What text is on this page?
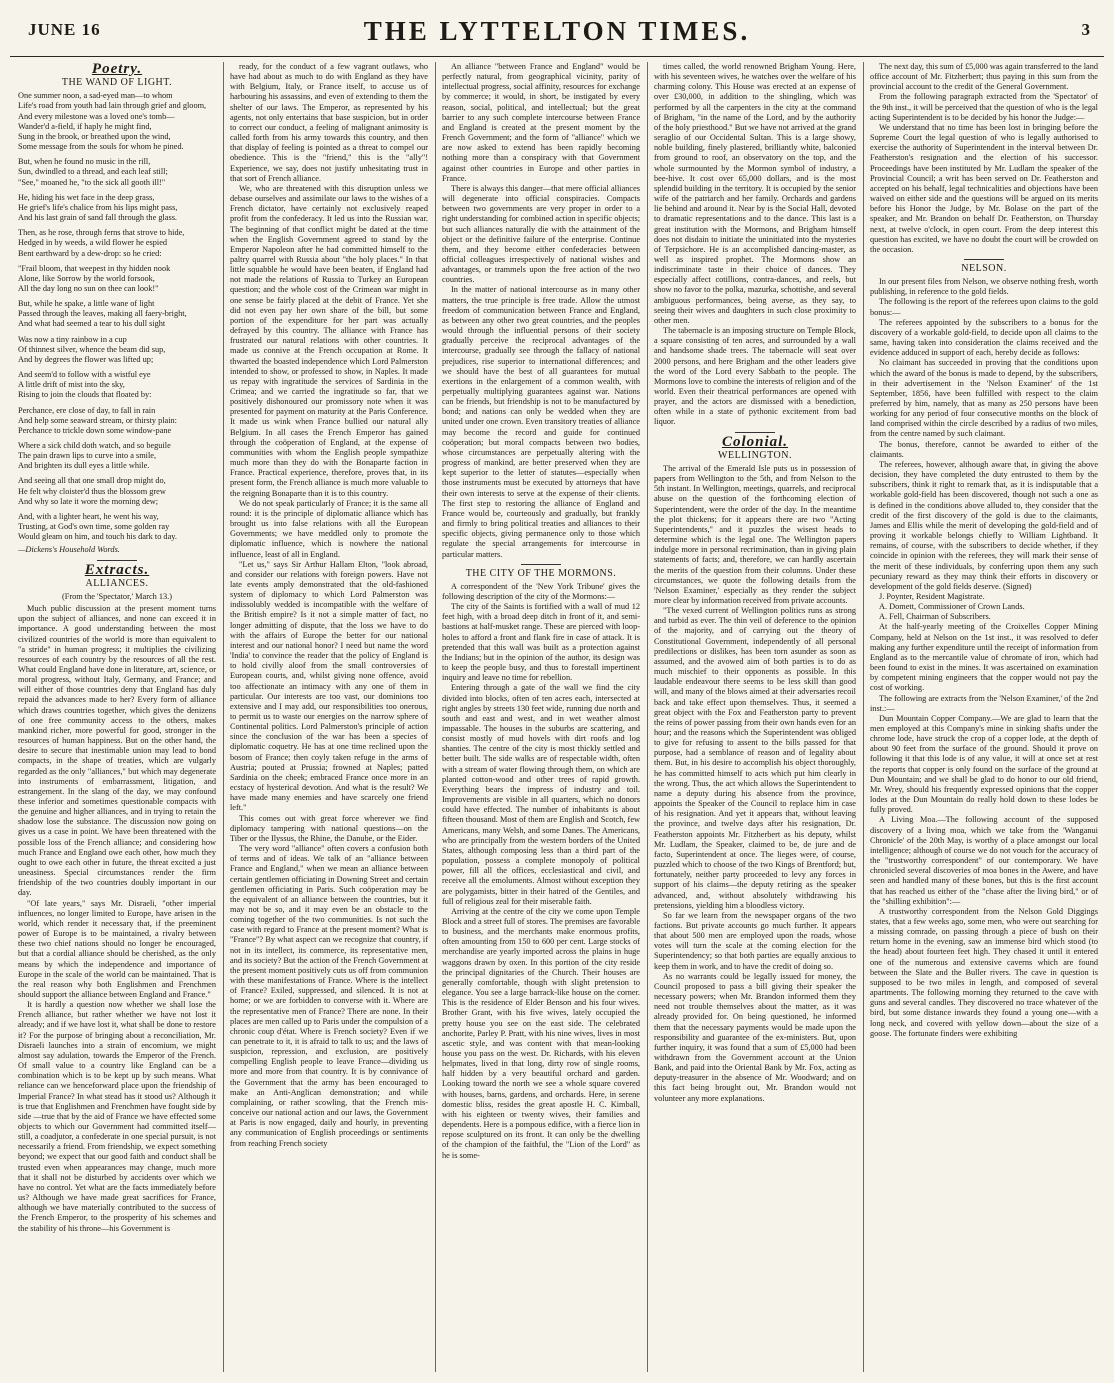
JUNE 16	THE LYTTELTON TIMES.	3
Poetry.
THE WAND OF LIGHT.

One summer noon, a sad-eyed man—to whom

Life's road from youth had lain through grief and gloom,

And every milestone was a loved one's tomb—

Wander'd a-field, if haply he might find,

Sung in the brook, or breathed upon the wind,

Some message from the souls for whom he pined.

But, when he found no music in the rill,

Sun, dwindled to a thread, and each leaf still;

"See," moaned he, "to the sick all gooth ill!"

He, hiding his wet face in the deep grass,

He grief's life's chalice from his lips might pass,

And his last grain of sand fall through the glass.

Then, as he rose, through ferns that strove to hide,

Hedged in by weeds, a wild flower he espied

Bent earthward by a dew-drop: so he cried:

"Frail bloom, that weepest in thy hidden nook

Alone, like Sorrow by the world forsook,

All the day long no sun on thee can look!"

But, while he spake, a little wane of light

Passed through the leaves, making all faery-bright,

And what had seemed a tear to his dull sight

Was now a tiny rainbow in a cup

Of thinnest silver, whence the beam did sup,

And by degrees the flower was lifted up;

And seem'd to follow with a wistful eye

A little drift of mist into the sky,

Rising to join the clouds that floated by:

Perchance, ere close of day, to fall in rain

And help some seaward stream, or thirsty plain:

Perchance to trickle down some window-pane

Where a sick child doth watch, and so beguile

The pain drawn lips to curve into a smile,

And brighten its dull eyes a little while.

And seeing all that one small drop might do,

He felt why cloister'd thus the blossom grew

And why so late it wore the morning dew;

And, with a lighter heart, he went his way,

Trusting, at God's own time, some golden ray

Would gleam on him, and touch his dark to day.

—Dickens's Household Words.

Extracts.
ALLIANCES.
(From the 'Spectator,' March 13.)

Much public discussion at the present moment turns upon the subject of alliances, and none can exceed it in importance. A good understanding between the most civilized countries of the world is more than equivalent to "a stride" in human progress; it multiplies the civilizing resources of each country by the resources of all the rest. What could England have done in literature, art, science, or moral progress, without Italy, Germany, and France; and will either of those countries deny that England has duly repaid the advances made to her? Every form of alliance which draws countries together, which gives the denizens of one free community access to the others, makes mankind richer, more powerful for good, stronger in the resources of human happiness. But on the other hand, the desire to secure that inestimable union may lead to bond compacts, in the shape of treaties, which are vulgarly regarded as the only "alliances," but which may degenerate into instruments of embarrassment, litigation, and estrangement. In the slang of the day, we may confound these inferior and sometimes questionable compacts with the genuine and higher alliances, and in trying to retain the shadow lose the substance. The discussion now going on gives us a case in point. We have been threatened with the possible loss of the French alliance; and considering how much France and England owe each other, how much they ought to owe each other in future, the threat excited a just uneasiness. Special circumstances render the firm friendship of the two countries doubly important in our day.

"Of late years," says Mr. Disraeli, "other imperial influences, no longer limited to Europe, have arisen in the world, which render it necessary that, if the preeminent power of Europe is to be maintained, a rivalry between these two chief nations should no longer be encouraged, but that a cordial alliance should be cherished, as the only means by which the independence and importance of Europe in the scale of the world can be maintained. That is the real reason why both Englishmen and Frenchmen should support the alliance between England and France."

It is hardly a question now whether we shall lose the French alliance, but rather whether we have not lost it already; and if we have lost it, what shall be done to restore it? For the purpose of bringing about a reconciliation, Mr. Disraeli launches into a strain of encomium, we might almost say adulation, towards the Emperor of the French. Of small value to a country like England can be a combination which is to be kept up by such means. What reliance can we henceforward place upon the friendship of Imperial France? In what stead has it stood us? Although it is true that Englishmen and Frenchmen have fought side by side —true that by the aid of France we have effected some objects to which our Government had committed itself—still, a coadjutor, a confederate in one special pursuit, is not necessarily a friend. From friendship, we expect something beyond; we expect that our good faith and conduct shall be trusted even when appearances may change, much more that it shall not be disturbed by accidents over which we have no control. Yet what are the facts immediately before us? Although we have made great sacrifices for France, although we have materially contributed to the success of the French Emperor, to the prosperity of his schemes and the stability of his throne—his Government is

ready, for the conduct of a few vagrant outlaws, who have had about as much to do with England as they have with Belgium, Italy, or France itself, to accuse us of harbouring his assassins, and even of extending to them the shelter of our laws. The Emperor, as represented by his agents, not only entertains that base suspicion, but in order to correct our conduct, a feeling of malignant animosity is called forth from his army towards this country, and then that display of feeling is pointed as a threat to compel our obedience. This is the "friend," this is the "ally"! Experience, we say, does not justify unhesitating trust in that sort of French alliance.

We, who are threatened with this disruption unless we debase ourselves and assimilate our laws to the wishes of a French dictator, have certainly not exclusively reaped profit from the confederacy. It led us into the Russian war. The beginning of that conflict might be dated at the time when the English Government agreed to stand by the Emperor Napoleon after he had committed himself to the paltry quarrel with Russia about "the holy places." In that little squabble he would have been beaten, if England had not made the relations of Russia to Turkey an European question; and the whole cost of the Crimean war might in one sense be fairly placed at the debit of France. Yet she did not even pay her own share of the bill, but some portion of the expenditure for her part was actually defrayed by this country. The alliance with France has frustrated our natural relations with other countries. It made us connive at the French occupation at Rome. It thwarted the boasted independence which Lord Palmerston intended to show, or professed to show, in Naples. It made us repay with ingratitude the services of Sardinia in the Crimea; and we carried the ingratitude so far, that we positively dishonoured our promissory note when it was presented for payment on maturity at the Paris Conference. It made us wink when France bullied our natural ally Belgium. In all cases the French Emperor has gained through the coöperation of England, at the expense of communities with whom the English people sympathize much more than they do with the Bonaparte faction in France. Practical experience, therefore, proves that, in its present form, the French alliance is much more valuable to the reigning Bonaparte than it is to this country.

We do not speak particularly of France; it is the same all round: it is the principle of diplomatic alliance which has brought us into false relations with all the European Governments; we have meddled only to promote the diplomatic influence, which is nowhere the national influence, least of all in England.

"Let us," says Sir Arthur Hallam Elton, "look abroad, and consider our relations with foreign powers. Have not late events amply demonstrated that the old-fashioned system of diplomacy to which Lord Palmerston was indissolubly wedded is incompatible with the welfare of the British empire? Is it not a simple matter of fact, no longer admitting of dispute, that the loss we have to do with the affairs of Europe the better for our national interest and our national honor? I need but name the word 'India' to convince the reader that the policy of England is to hold civilly aloof from the small controversies of European courts, and, whilst giving none offence, avoid too affectionate an intimacy with any one of them in particular. Our interests are too vast, our dominions too extensive and I may add, our responsibilities too onerous, to permit us to waste our energies on the narrow sphere of Continental politics. Lord Palmerston's principle of action since the conclusion of the war has been a species of diplomatic coquetry. He has at one time reclined upon the bosom of France; then coyly taken refuge in the arms of Austria; pouted at Prussia; frowned at Naples; patted Sardinia on the cheek; embraced France once more in an ecstacy of hysterical devotion. And what is the result? We have made many enemies and have scarcely one friend left."

This comes out with great force wherever we find diplomacy tampering with national questions—on the Tiber or the Ilyssus, the Rhine, the Danube, or the Eider.

The very word "alliance" often covers a confusion both of terms and of ideas. We talk of an "alliance between France and England," when we mean an alliance between certain gentlemen officiating in Downing Street and certain gentlemen officiating in Paris. Such coöperation may be the equivalent of an alliance between the countries, but it may not be so, and it may even be an obstacle to the coming together of the two communities. Is not such the case with regard to France at the present moment? What is "France"? By what aspect can we recognize that country, if not in its intellect, its commerce, its representative men, and its society? But the action of the French Government at the present moment positively cuts us off from communion with these manifestations of France. Where is the intellect of France? Exiled, suppressed, and silenced. It is not at home; or we are forbidden to converse with it. Where are the representative men of France? There are none. In their places are men called up to Paris under the compulsion of a chronic coup d'état. Where is French society? Even if we can penetrate to it, it is afraid to talk to us; and the laws of suspicion, repression, and exclusion, are positively compelling English people to leave France—dividing us more and more from that country. It is by connivance of the Government that the army has been encouraged to make an Anti-Anglican demonstration; and while complaining, or rather scowling, that the French mis-conceive our national action and our laws, the Government at Paris is now engaged, daily and hourly, in preventing any communication of English proceedings or sentiments from reaching French society

An alliance "between France and England" would be perfectly natural, from geographical vicinity, parity of intellectual progress, social affinity, resources for exchange by commerce; it would, in short, be instigated by every reason, social, political, and intellectual; but the great barrier to any such complete intercourse between France and England is created at the present moment by the French Government; and the form of "alliance" which we are now asked to extend has been rapidly becoming nothing more than a conspiracy with that Government against other countries in Europe and other parties in France.

There is always this danger—that mere official alliances will degenerate into official conspiracies. Compacts between two governments are very proper in order to a right understanding for combined action in specific objects; but such alliances naturally die with the attainment of the object or the definitive failure of the enterprise. Continue them, and they become either confederacies between official colleagues irrespectively of national wishes and advantages, or trammels upon the free action of the two countries.

In the matter of national intercourse as in many other matters, the true principle is free trade. Allow the utmost freedom of communication between France and England, as between any other two great countries, and the peoples would through the influential persons of their society gradually perceive the reciprocal advantages of the intercourse, gradually see through the fallacy of national prejudices, rise superior to international differences; and we should have the best of all guarantees for mutual exertions in the enlargement of a common wealth, with perpetually multiplying guarantees against war. Nations can be friends, but friendship is not to be manufactured by bond; and nations can only be wedded when they are united under one crown. Even transitory treaties of alliance may become the record and guide for continued coöperation; but moral compacts between two bodies, whose circumstances are perpetually altering with the progress of mankind, are better preserved when they are kept superior to the letter of statutes—especially when those instruments must be executed by attorneys that have their own interests to serve at the expense of their clients. The first step to restoring the alliance of England and France would be, courteously and gradually, but frankly and firmly to bring political treaties and alliances to their specific objects, giving permanence only to those which regulate the special arrangements for intercourse in particular matters.

THE CITY OF THE MORMONS.

A correspondent of the 'New York Tribune' gives the following description of the city of the Mormons:—

The city of the Saints is fortified with a wall of mud 12 feet high, with a broad deep ditch in front of it, and semi-bastions at half-musket range. These are pierced with loop-holes to afford a front and flank fire in case of attack. It is pretended that this wall was built as a protection against the Indians; but in the opinion of the author, its design was to keep the people busy, and thus to forestall impertinent inquiry and leave no time for rebellion.

Entering through a gate of the wall we find the city divided into blocks, often of ten acres each, intersected at right angles by streets 130 feet wide, running due north and south and east and west, and in wet weather almost impassable. The houses in the suburbs are scattering, and consist mostly of mud hovels with dirt roofs and log shanties. The centre of the city is most thickly settled and better built. The side walks are of respectable width, often with a stream of water flowing through them, on which are planted cotton-wood and other trees of rapid growth. Everything bears the impress of industry and toil. Improvements are visible in all quarters, which no donors could have effected. The number of inhabitants is about fifteen thousand. Most of them are English and Scotch, few Americans, many Welsh, and some Danes. The Americans, who are principally from the western borders of the United States, although composing less than a third part of the population, possess a complete monopoly of political power, fill all the offices, ecclesiastical and civil, and receive all the emoluments. Almost without exception they are polygamists, bitter in their hatred of the Gentiles, and full of religious zeal for their miserable faith.

Arriving at the centre of the city we come upon Temple Block and a street full of stores. The premises are favorable to business, and the merchants make enormous profits, often amounting from 150 to 600 per cent. Large stocks of merchandise are yearly imported across the plains in huge waggons drawn by oxen. In this portion of the city reside the principal dignitaries of the Church. Their houses are generally comfortable, though with slight pretension to elegance. You see a large barrack-like house on the corner. This is the residence of Elder Benson and his four wives. Brother Grant, with his five wives, lately occupied the pretty house you see on the east side. The celebrated anchorite, Parley P. Pratt, with his nine wives, lives in most ascetic style, and was content with that mean-looking house you pass on the west. Dr. Richards, with his eleven helpmates, lived in that long, dirty row of single rooms, half hidden by a very beautiful orchard and garden. Looking toward the north we see a whole square covered with houses, barns, gardens, and orchards. Here, in serene domestic bliss, resides the great apostle H. C. Kimball, with his eighteen or twenty wives, their families and dependents. Here is a pompous edifice, with a fierce lion in repose sculptured on its front. It can only be the dwelling of the champion of the faithful, the "Lion of the Lord" as he is some-

times called, the world renowned Brigham Young. Here, with his seventeen wives, he watches over the welfare of his charming colony. This House was erected at an expense of over £30,000, in addition to the shingling, which was performed by all the carpenters in the city at the command of Brigham, "in the name of the Lord, and by the authority of the holy priesthood." But we have not arrived at the grand seraglio of our Occidental Sultan. This is a large showy, noble building, finely plastered, brilliantly white, balconied from ground to roof, an observatory on the top, and the whole surmounted by the Mormon symbol of industry, a bee-hive. It cost over 65,000 dollars, and is the most splendid building in the territory. It is occupied by the senior wife of the patriarch and her family. Orchards and gardens lie behind and around it. Near by is the Social Hall, devoted to dramatic representations and to the dance. This last is a great institution with the Mormons, and Brigham himself does not disdain to initiate the uninitiated into the mysteries of Terpsichore. He is an accomplished dancing-master, as well as inspired prophet. The Mormons show an indiscriminate taste in their choice of dances. They especially affect cotillions, contra-dances, and reels, but show no favor to the polka, mazurka, schottishe, and several ambiguous performances, being averse, as they say, to seeing their wives and daughters in such close proximity to other men.

The tabernacle is an imposing structure on Temple Block, a square consisting of ten acres, and surrounded by a wall and handsome shade trees. The tabernacle will seat over 2000 persons, and here Brigham and the other leaders give the word of the Lord every Sabbath to the people. The Mormons love to combine the interests of religion and of the world. Even their theatrical performances are opened with prayer, and the actors are dismissed with a benediction, often while in a state of pythonic excitement from bad liquor.

Colonial.
WELLINGTON.

The arrival of the Emerald Isle puts us in possession of papers from Wellington to the 5th, and from Nelson to the 5th instant. In Wellington, meetings, quarrels, and reciprocal abuse on the question of the forthcoming election of Superintendent, were the order of the day. In the meantime the plot thickens; for it appears there are two "Acting Superintendents," and it puzzles the wisest heads to determine which is the legal one. The Wellington papers indulge more in personal recrimination, than in giving plain statements of facts; and, therefore, we can hardly ascertain the merits of the question from their columns. Under these circumstances, we quote the following details from the 'Nelson Examiner,' especially as they render the subject more clear by information received from private accounts.

"The vexed current of Wellington politics runs as strong and turbid as ever. The thin veil of deference to the opinion of the majority, and of carrying out the theory of Constitutional Government, independently of all personal predilections or dislikes, has been torn asunder as soon as assumed, and the avowed aim of both parties is to do as much mischief to their opponents as possible. In this laudable endeavour there seems to be less skill than good will, and many of the blows aimed at their adversaries recoil back and take effect upon themselves. Thus, it seemed a great object with the Fox and Featherston party to prevent the reins of power passing from their own hands even for an hour; and the reasons which the Superintendent was obliged to give for refusing to assent to the bills passed for that purpose, had a semblance of reason and of legality about them. But, in his desire to accomplish his object thoroughly, he has committed himself to acts which put him clearly in the wrong. Thus, the act which allows the Superintendent to name a deputy during his absence from the province, appoints the Speaker of the Council to replace him in case of his resignation. And yet it appears that, without leaving the province, and twelve days after his resignation, Dr. Featherston appoints Mr. Fitzherbert as his deputy, whilst Mr. Ludlam, the Speaker, claimed to be, de jure and de facto, Superintendent at once. The lieges were, of course, puzzled which to choose of the two Kings of Brentford; but, fortunately, neither party proceeded to levy any forces in support of his claims—the deputy retiring as the speaker advanced, and, without absolutely withdrawing his pretensions, yielding him a bloodless victory.

So far we learn from the newspaper organs of the two factions. But private accounts go much further. It appears that about 500 men are employed upon the roads, whose votes will turn the scale at the coming election for the Superintendency; so that both parties are equally anxious to keep them in work, and to have the credit of doing so.

As no warrants could be legally issued for money, the Council proposed to pass a bill giving their speaker the necessary powers; when Mr. Brandon informed them they need not trouble themselves about the matter, as it was already provided for. On being questioned, he informed them that the necessary payments would be made upon the responsibility and guarantee of the ex-ministers. But, upon further inquiry, it was found that a sum of £5,000 had been withdrawn from the Government account at the Union Bank, and paid into the Oriental Bank by Mr. Fox, acting as deputy-treasurer in the absence of Mr. Woodward; and on this fact being brought out, Mr. Brandon would not volunteer any more explanations.

The next day, this sum of £5,000 was again transferred to the land office account of Mr. Fitzherbert; thus paying in this sum from the provincial account to the credit of the General Government.

From the following paragraph extracted from the 'Spectator' of the 9th inst., it will be perceived that the question of who is the legal acting Superintendent is to be decided by his honor the Judge:—

We understand that no time has been lost in bringing before the Supreme Court the legal question of who is legally authorised to exercise the authority of Superintendent in the interval between Dr. Featherston's resignation and the election of his successor. Proceedings have been instituted by Mr. Ludlam the speaker of the Provincial Council; a writ has been served on Dr. Featherston and accepted on his behalf, legal technicalities and objections have been waived on either side and the questions will be argued on its merits before his Honor the Judge, by Mr. Bolase on the part of the speaker, and Mr. Brandon on behalf Dr. Featherston, on Thursday next, at twelve o'clock, in open court. From the deep interest this question has excited, we have no doubt the court will be crowded on the occasion.

NELSON.

In our present files from Nelson, we observe nothing fresh, worth publishing, in reference to the gold fields.

The following is the report of the referees upon claims to the gold bonus:—

The referees appointed by the subscribers to a bonus for the discovery of a workable gold-field, to decide upon all claims to the same, having taken into consideration the claims received and the evidence adduced in support of each, hereby decide as follows:

No claimant has succeeded in proving that the conditions upon which the award of the bonus is made to depend, by the subscribers, in their advertisement in the 'Nelson Examiner' of the 1st September, 1856, have been fulfilled with respect to the claim preferred by him, namely, that as many as 250 persons have been working for any period of four consecutive months on the block of land comprised within the circle described by a radius of two miles, from the centre named by such claimant.

The bonus, therefore, cannot be awarded to either of the claimants.

The referees, however, although aware that, in giving the above decision, they have completed the duty entrusted to them by the subscribers, think it right to remark that, as it is indisputable that a workable gold-field has been discovered, though not such a one as is defined in the conditions above alluded to, they consider that the credit of the first discovery of the gold is due to the claimants, James and Ellis while the merit of developing the gold-field and of proving it workable belongs chiefly to William Lightband. It remains, of course, with the subscribers to decide whether, if they coincide in opinion with the referees, they will mark their sense of the merit of these individuals, by conferring upon them any such pecuniary reward as they may think their efforts in discovery or development of the gold fields deserve. (Signed)

J. Poynter, Resident Magistrate.

A. Domett, Commissioner of Crown Lands.

A. Fell, Chairman of Subscribers.

At the half-yearly meeting of the Croixelles Copper Mining Company, held at Nelson on the 1st inst., it was resolved to defer making any further expenditure until the receipt of information from England as to the mercantile value of chromate of iron, which had been found to exist in the mines. It was ascertained on examination by competent mining engineers that the copper would not pay the cost of working.

The following are extracts from the 'Nelson Examiner,' of the 2nd inst.:—

Dun Mountain Copper Company.—We are glad to learn that the men employed at this Company's mine in sinking shafts under the chrome lode, have struck the crop of a copper lode, at the depth of about 90 feet from the surface of the ground. Should it prove on following it that this lode is of any value, it will at once set at rest the reports that copper is only found on the surface of the ground at Dun Mountain; and we shall be glad to do honor to our old friend, Mr. Wrey, should his frequently expressed opinions that the copper lodes at the Dun Mountain do really hold down to these lodes be fully proved.

A Living Moa.—The following account of the supposed discovery of a living moa, which we take from the 'Wanganui Chronicle' of the 20th May, is worthy of a place amongst our local intelligence; although of course we do not vouch for the accuracy of the "trustworthy correspondent" of our contemporary. We have chronicled several discoveries of moa bones in the Awere, and have seen and handled many of these bones, but this is the first account that has reached us either of the "chase after the living bird," or of the "shilling exhibition":—

A trustworthy correspondent from the Nelson Gold Diggings states, that a few weeks ago, some men, who were out searching for a missing comrade, on passing through a piece of bush on their return home in the evening, saw an immense bird which stood (to the head) about fourteen feet high. They chased it until it entered one of the numerous and extensive caverns which are found between the Slate and the Buller rivers. The cave in question is supposed to be two miles in length, and composed of several apartments. The following morning they returned to the cave with guns and several candles. They discovered no trace whatever of the bird, but some distance inwards they found a young one—with a long neck, and covered with yellow down—about the size of a goose. The fortunate finders were exhibiting
